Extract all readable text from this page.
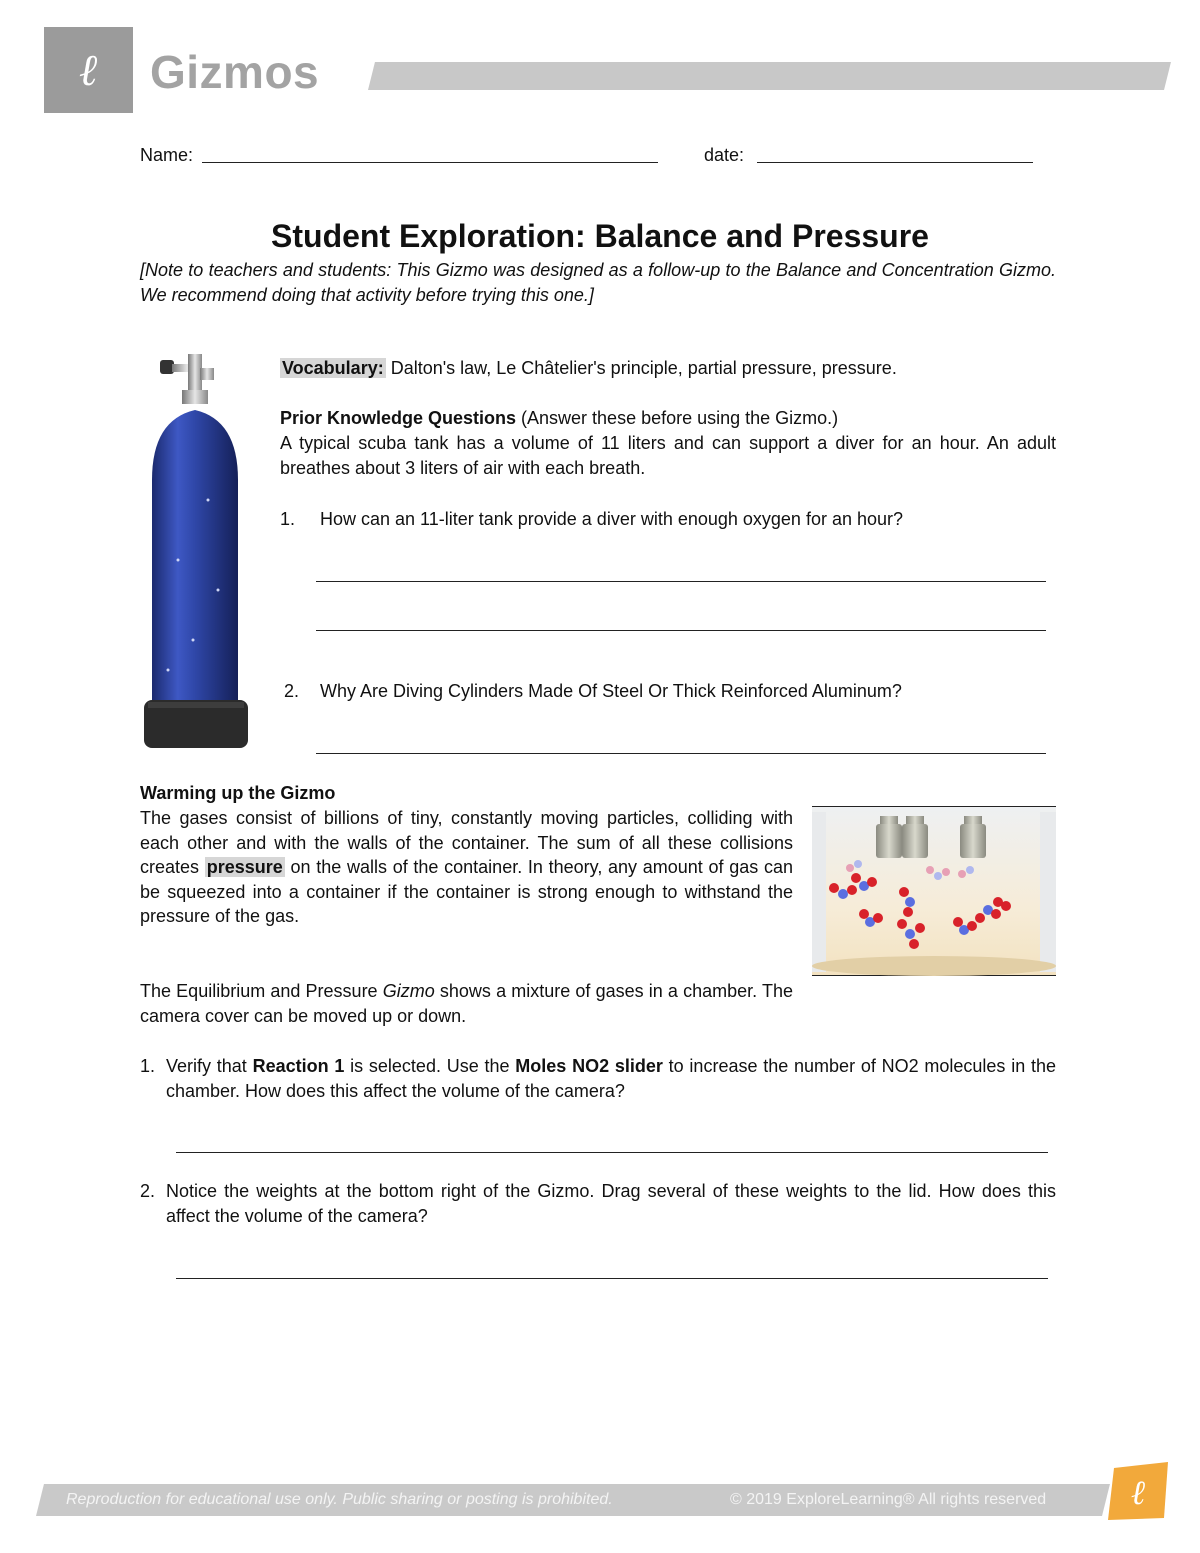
ℓ Gizmos
Name:	date:
Student Exploration: Balance and Pressure
[Note to teachers and students: This Gizmo was designed as a follow-up to the Balance and Concentration Gizmo. We recommend doing that activity before trying this one.]
Vocabulary: Dalton's law, Le Châtelier's principle, partial pressure, pressure.
Prior Knowledge Questions (Answer these before using the Gizmo.)
A typical scuba tank has a volume of 11 liters and can support a diver for an hour. An adult breathes about 3 liters of air with each breath.
1. How can an 11-liter tank provide a diver with enough oxygen for an hour?
2. Why Are Diving Cylinders Made Of Steel Or Thick Reinforced Aluminum?
Warming up the Gizmo
The gases consist of billions of tiny, constantly moving particles, colliding with each other and with the walls of the container. The sum of all these collisions creates pressure on the walls of the container. In theory, any amount of gas can be squeezed into a container if the container is strong enough to withstand the pressure of the gas.
The Equilibrium and Pressure Gizmo shows a mixture of gases in a chamber. The camera cover can be moved up or down.
1. Verify that Reaction 1 is selected. Use the Moles NO2 slider to increase the number of NO2 molecules in the chamber. How does this affect the volume of the camera?
2. Notice the weights at the bottom right of the Gizmo. Drag several of these weights to the lid. How does this affect the volume of the camera?
Reproduction for educational use only. Public sharing or posting is prohibited.	© 2019 ExploreLearning® All rights reserved ℓ
